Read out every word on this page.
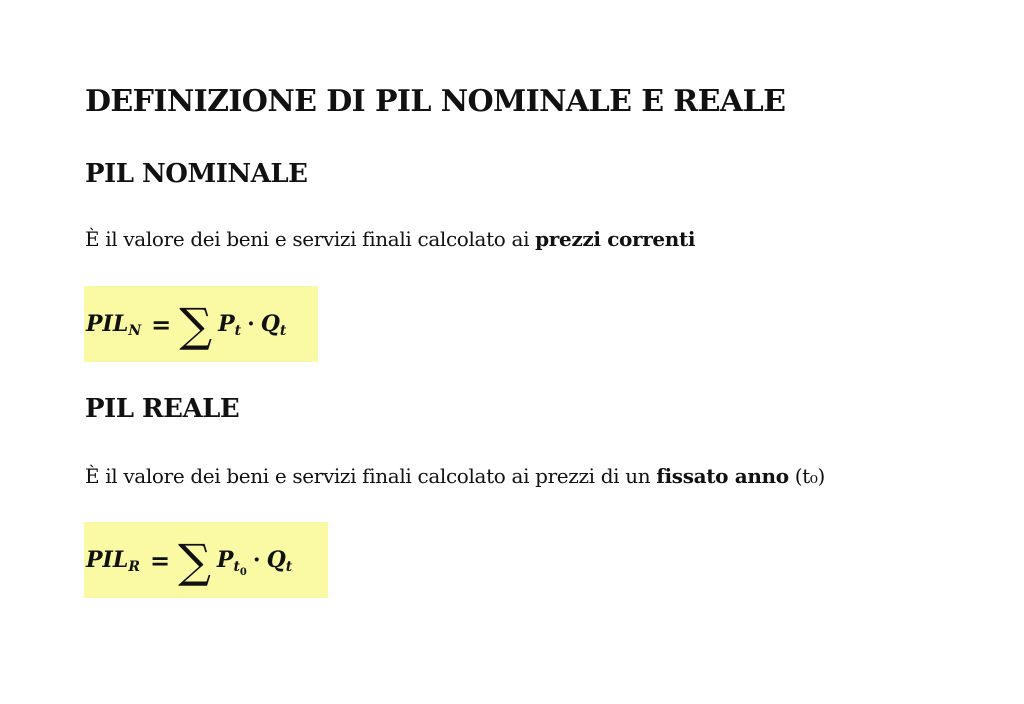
DEFINIZIONE DI PIL NOMINALE E REALE
PIL NOMINALE

È il valore dei beni e servizi finali calcolato ai prezzi correnti

PIL N = ∑ P t · Q t
PIL REALE

È il valore dei beni e servizi finali calcolato ai prezzi di un fissato anno (t₀)

PIL R = ∑ P $t_0 \cdot Q$ t
